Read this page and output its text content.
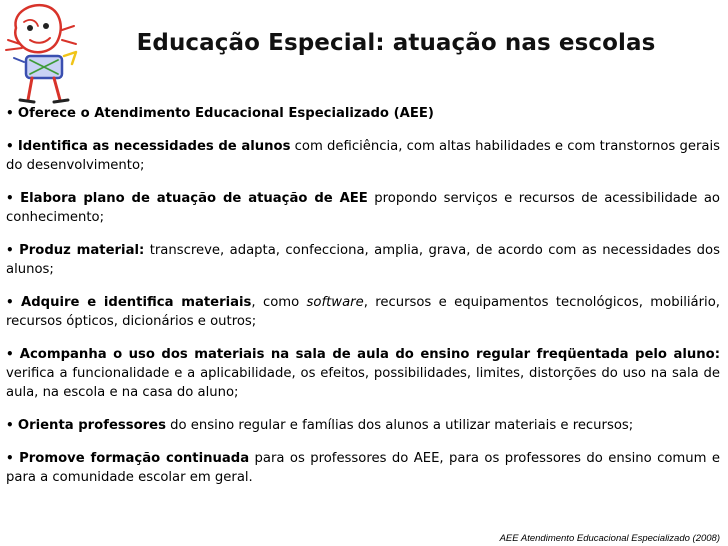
Educação Especial: atuação nas escolas
• Oferece o Atendimento Educacional Especializado (AEE)
• Identifica as necessidades de alunos com deficiência, com altas habilidades e com transtornos gerais do desenvolvimento;
• Elabora plano de atuação de atuação de AEE propondo serviços e recursos de acessibilidade ao conhecimento;
• Produz material: transcreve, adapta, confecciona, amplia, grava, de acordo com as necessidades dos alunos;
• Adquire e identifica materiais, como software, recursos e equipamentos tecnológicos, mobiliário, recursos ópticos, dicionários e outros;
• Acompanha o uso dos materiais na sala de aula do ensino regular freqüentada pelo aluno: verifica a funcionalidade e a aplicabilidade, os efeitos, possibilidades, limites, distorções do uso na sala de aula, na escola e na casa do aluno;
• Orienta professores do ensino regular e famílias dos alunos a utilizar materiais e recursos;
• Promove formação continuada para os professores do AEE, para os professores do ensino comum e para a comunidade escolar em geral.
AEE Atendimento Educacional Especializado (2008)
